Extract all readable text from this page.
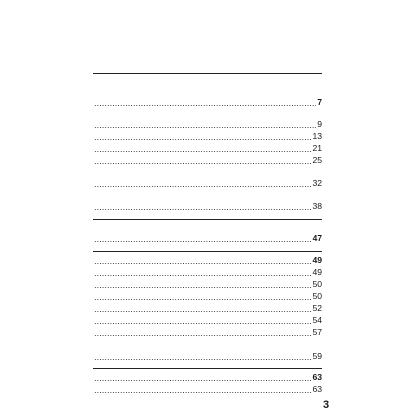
7
9
13
21
25
32
38
47
49
49
50
50
52
54
57
59
63
63
3
